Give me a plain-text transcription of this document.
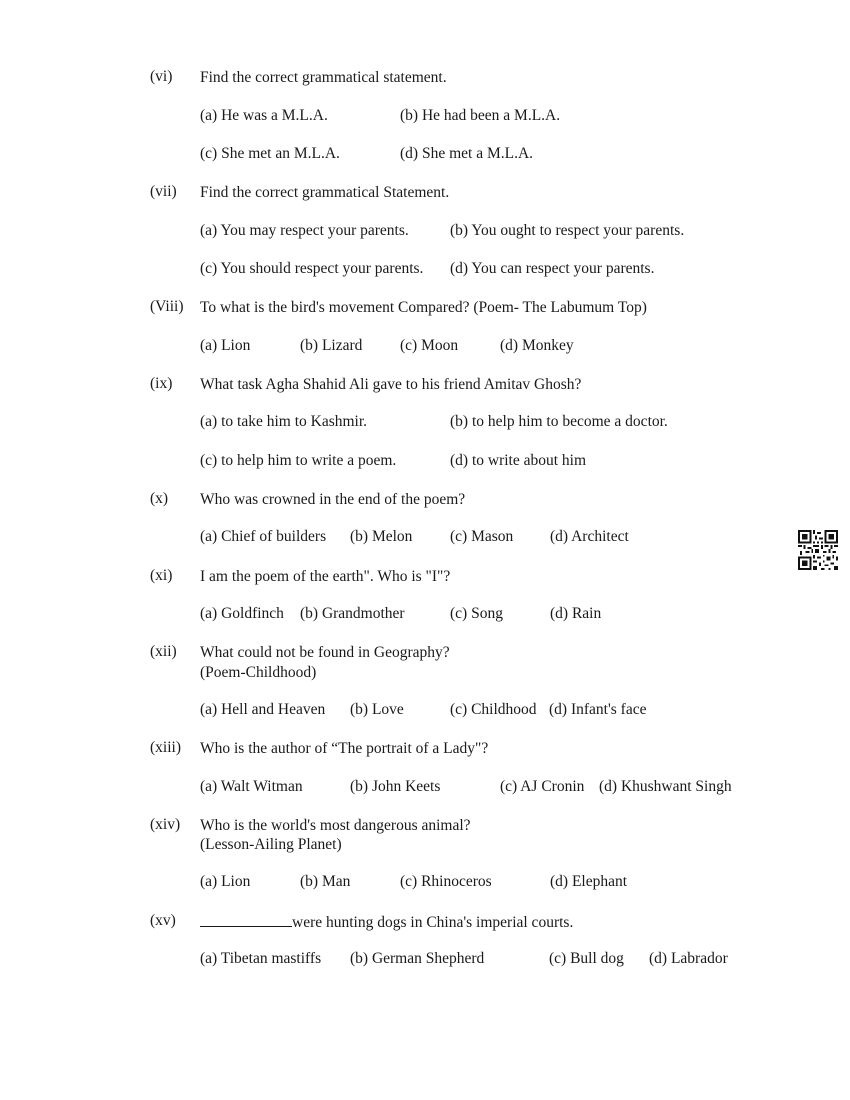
(vi) Find the correct grammatical statement.
(a) He was a M.L.A.	(b) He had been a M.L.A.
(c) She met an M.L.A.	(d) She met a M.L.A.
(vii) Find the correct grammatical Statement.
(a) You may respect your parents.	(b) You ought to respect your parents.
(c) You should respect your parents. (d) You can respect your parents.
(Viii) To what is the bird's movement Compared? (Poem- The Labumum Top)
(a) Lion	(b) Lizard (c) Moon	(d) Monkey
(ix) What task Agha Shahid Ali gave to his friend Amitav Ghosh?
(a) to take him to Kashmir.	(b) to help him to become a doctor.
(c) to help him to write a poem.	(d) to write about him
(x) Who was crowned in the end of the poem?
(a) Chief of builders (b) Melon (c) Mason (d) Architect
(xi) I am the poem of the earth". Who is "I"?
(a) Goldfinch (b) Grandmother	(c) Song	(d) Rain
(xii) What could not be found in Geography?
(Poem-Childhood)
(a) Hell and Heaven (b) Love	(c) Childhood (d) Infant's face
(xiii) Who is the author of “The portrait of a Lady"?
(a) Walt Witman	(b) John Keets	(c) AJ Cronin (d) Khushwant Singh
(xiv) Who is the world's most dangerous animal?
(Lesson-Ailing Planet)
(a) Lion	(b) Man	(c) Rhinoceros	(d) Elephant
(xv)	were hunting dogs in China's imperial courts.
(a) Tibetan mastiffs (b) German Shepherd	(c) Bull dog (d) Labrador
